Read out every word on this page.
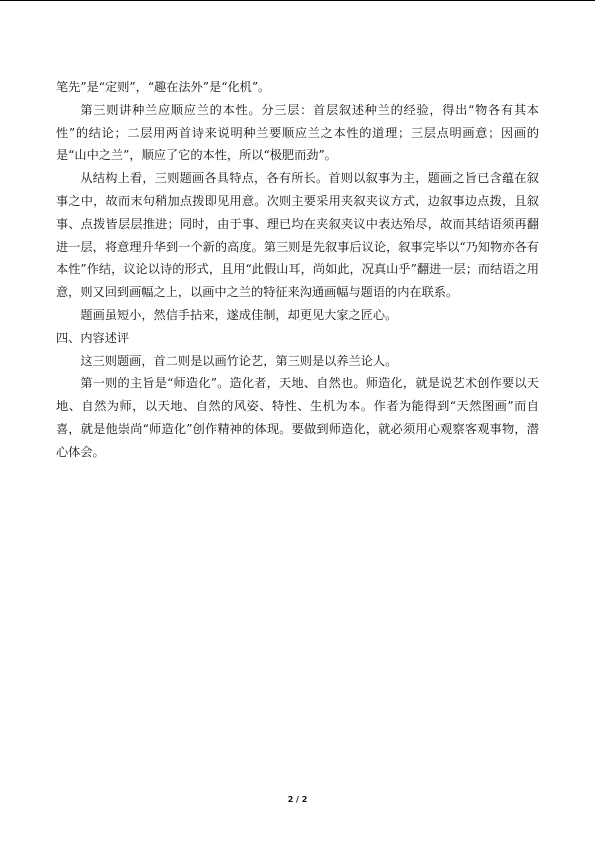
笔先”是“定则”，“趣在法外”是“化机”。

第三则讲种兰应顺应兰的本性。分三层：首层叙述种兰的经验，得出“物各有其本性”的结论；二层用两首诗来说明种兰要顺应兰之本性的道理；三层点明画意；因画的是“山中之兰”，顺应了它的本性，所以“极肥而劲”。

从结构上看，三则题画各具特点，各有所长。首则以叙事为主，题画之旨已含蕴在叙事之中，故而末句稍加点拨即见用意。次则主要采用夹叙夹议方式，边叙事边点拨，且叙事、点拨皆层层推进；同时，由于事、理已均在夹叙夹议中表达殆尽，故而其结语须再翻进一层，将意理升华到一个新的高度。第三则是先叙事后议论，叙事完毕以“乃知物亦各有本性”作结，议论以诗的形式，且用“此假山耳，尚如此，况真山乎”翻进一层；而结语之用意，则又回到画幅之上，以画中之兰的特征来沟通画幅与题语的内在联系。

题画虽短小，然信手拈来，遂成佳制，却更见大家之匠心。

四、内容述评

这三则题画，首二则是以画竹论艺，第三则是以养兰论人。

第一则的主旨是“师造化”。造化者，天地、自然也。师造化，就是说艺术创作要以天地、自然为师，以天地、自然的风姿、特性、生机为本。作者为能得到“天然图画”而自喜，就是他崇尚“师造化”创作精神的体现。要做到师造化，就必须用心观察客观事物，潜心体会。

2 / 2
